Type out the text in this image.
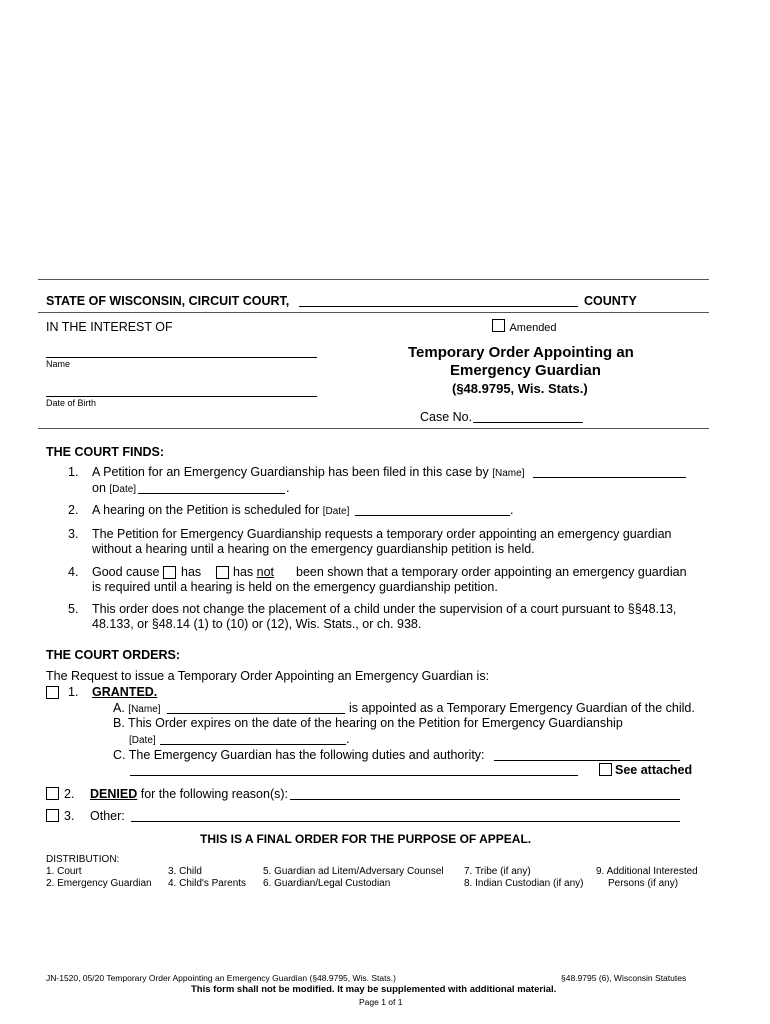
STATE OF WISCONSIN, CIRCUIT COURT,	COUNTY
IN THE INTEREST OF	Amended
Name
Date of Birth
Temporary Order Appointing an
Emergency Guardian
(§48.9795, Wis. Stats.)
Case No.
THE COURT FINDS:
1. A Petition for an Emergency Guardianship has been filed in this case by [Name]
on [Date]	.
2. A hearing on the Petition is scheduled for [Date]	.
3. The Petition for Emergency Guardianship requests a temporary order appointing an emergency guardian
without a hearing until a hearing on the emergency guardianship petition is held.
4. Good cause has	has not been shown that a temporary order appointing an emergency guardian
is required until a hearing is held on the emergency guardianship petition.
5. This order does not change the placement of a child under the supervision of a court pursuant to §§48.13,
48.133, or §48.14 (1) to (10) or (12), Wis. Stats., or ch. 938.
THE COURT ORDERS:
The Request to issue a Temporary Order Appointing an Emergency Guardian is:
1. GRANTED.
A. [Name]	is appointed as a Temporary Emergency Guardian of the child.
B. This Order expires on the date of the hearing on the Petition for Emergency Guardianship
[Date]	.
C. The Emergency Guardian has the following duties and authority:
See attached
2. DENIED for the following reason(s):
3. Other:
THIS IS A FINAL ORDER FOR THE PURPOSE OF APPEAL.
DISTRIBUTION:
1. Court
2. Emergency Guardian
3. Child
4. Child's Parents
5. Guardian ad Litem/Adversary Counsel
6. Guardian/Legal Custodian
7. Tribe (if any)
8. Indian Custodian (if any)
9. Additional Interested
Persons (if any)
JN-1520, 05/20 Temporary Order Appointing an Emergency Guardian (§48.9795, Wis. Stats.)	§48.9795 (6), Wisconsin Statutes
This form shall not be modified. It may be supplemented with additional material.
Page 1 of 1
